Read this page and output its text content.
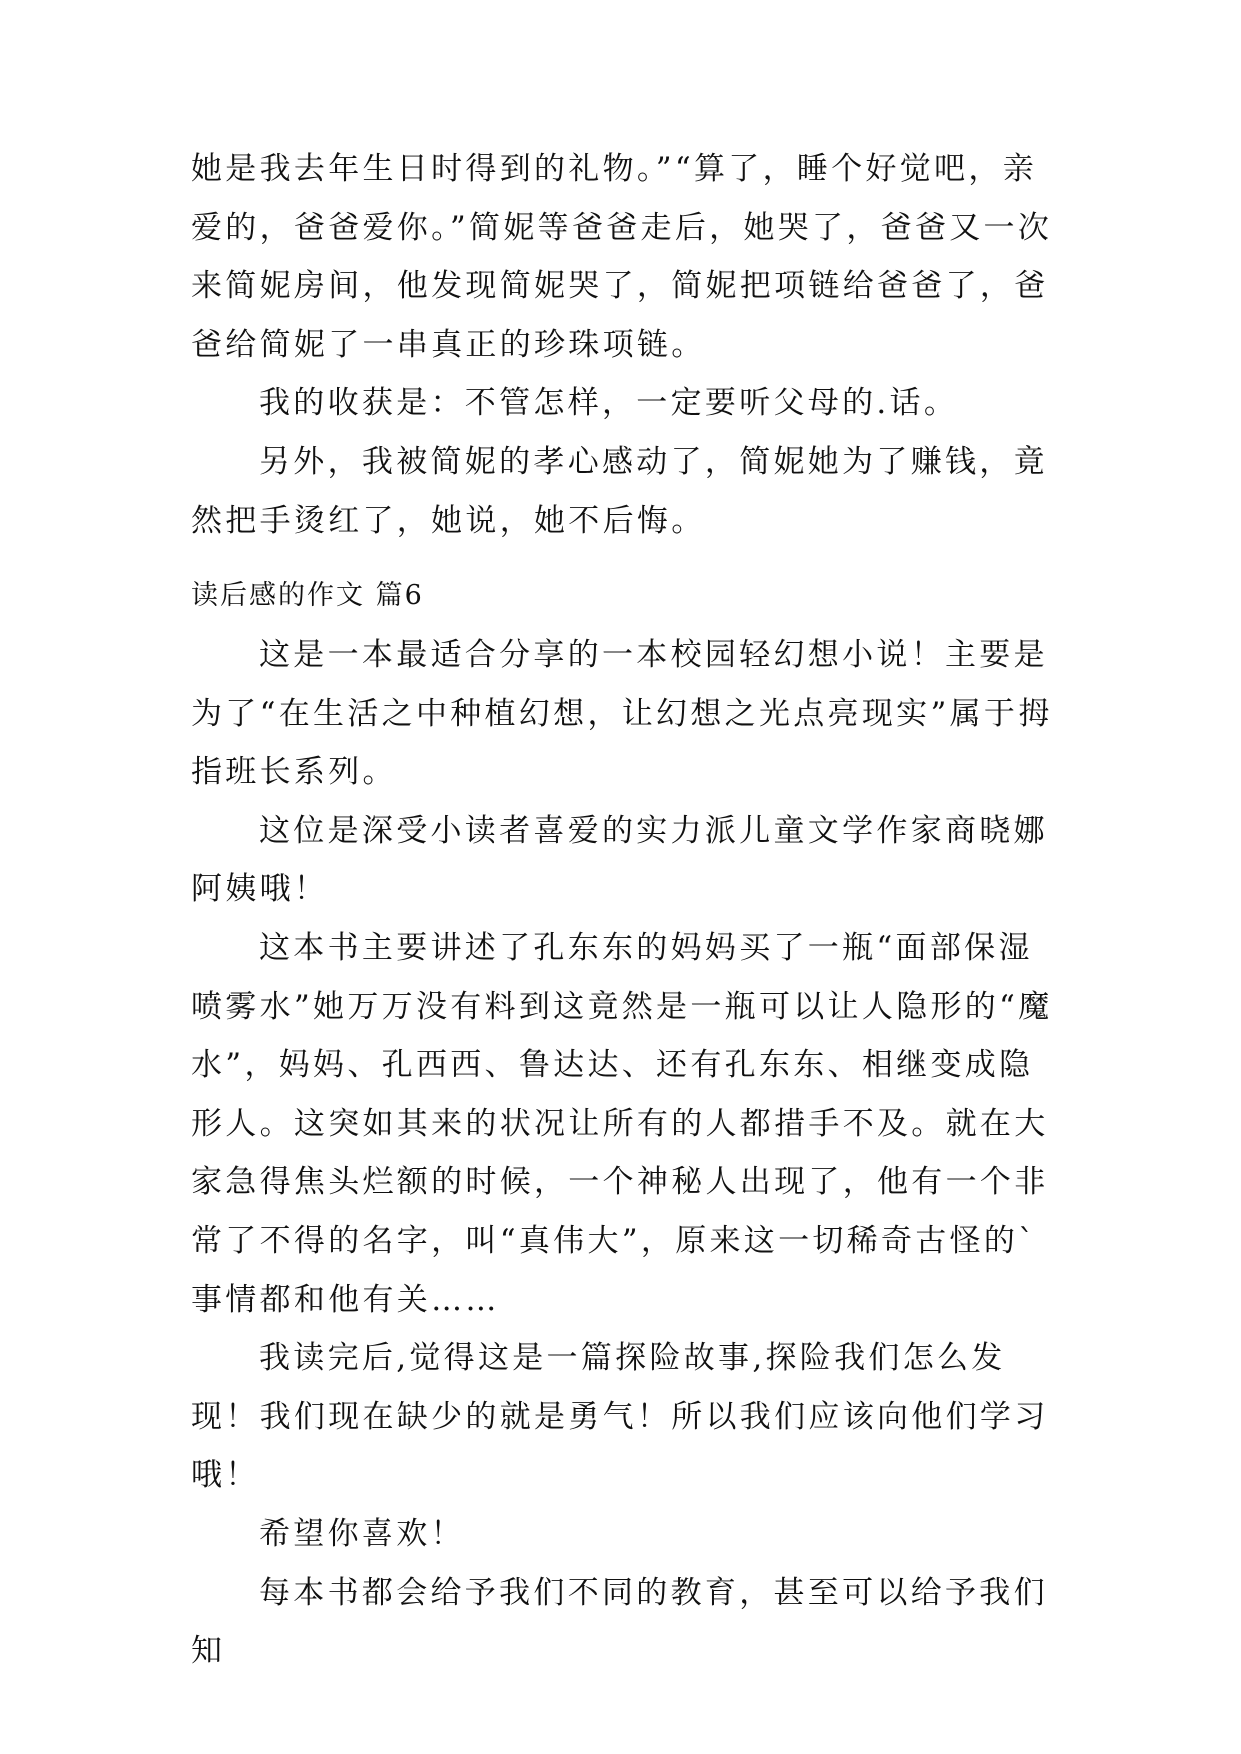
她是我去年生日时得到的礼物。”“算了，睡个好觉吧，亲爱的，爸爸爱你。”简妮等爸爸走后，她哭了，爸爸又一次来简妮房间，他发现简妮哭了，简妮把项链给爸爸了，爸爸给简妮了一串真正的珍珠项链。

我的收获是：不管怎样，一定要听父母的.话。

另外，我被简妮的孝心感动了，简妮她为了赚钱，竟然把手烫红了，她说，她不后悔。

读后感的作文 篇6

这是一本最适合分享的一本校园轻幻想小说！主要是为了“在生活之中种植幻想，让幻想之光点亮现实”属于拇指班长系列。

这位是深受小读者喜爱的实力派儿童文学作家商晓娜阿姨哦！

这本书主要讲述了孔东东的妈妈买了一瓶“面部保湿喷雾水”她万万没有料到这竟然是一瓶可以让人隐形的“魔水”，妈妈、孔西西、鲁达达、还有孔东东、相继变成隐形人。这突如其来的状况让所有的人都措手不及。就在大家急得焦头烂额的时候，一个神秘人出现了，他有一个非常了不得的名字，叫“真伟大”，原来这一切稀奇古怪的`事情都和他有关……

我读完后,觉得这是一篇探险故事,探险我们怎么发现！我们现在缺少的就是勇气！所以我们应该向他们学习哦！

希望你喜欢！

每本书都会给予我们不同的教育，甚至可以给予我们知
